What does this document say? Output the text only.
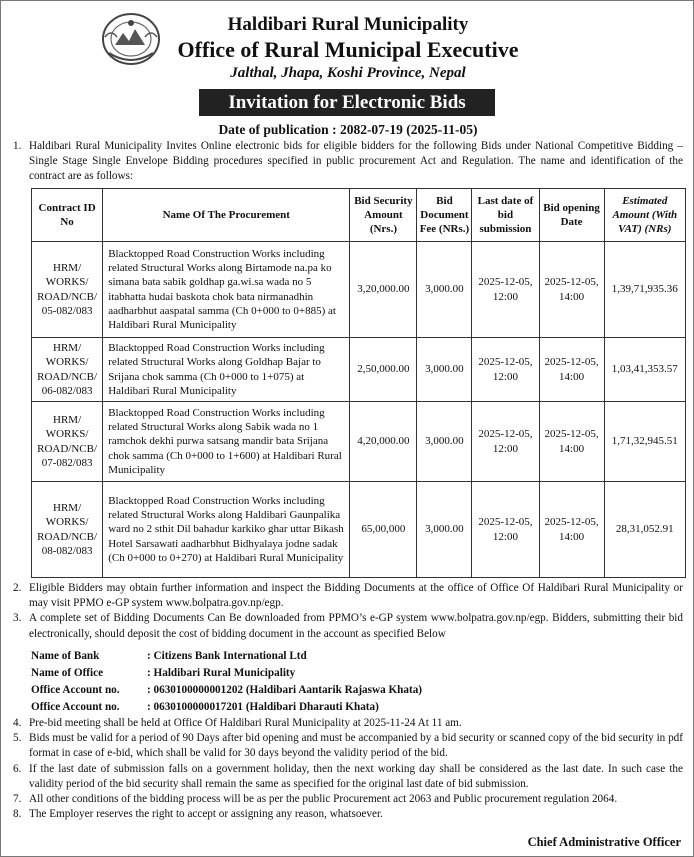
Haldibari Rural Municipality
Office of Rural Municipal Executive
Jalthal, Jhapa, Koshi Province, Nepal
Invitation for Electronic Bids
Date of publication : 2082-07-19 (2025-11-05)
1. Haldibari Rural Municipality Invites Online electronic bids for eligible bidders for the following Bids under National Competitive Bidding – Single Stage Single Envelope Bidding procedures specified in public procurement Act and Regulation. The name and identification of the contract are as follows:
Contract ID No	Name Of The Procurement	Bid Security Amount (Nrs.)	Bid Document Fee (NRs.)	Last date of bid submission	Bid opening Date	Estimated Amount (With VAT) (NRs)
HRM/ WORKS/ ROAD/NCB/ 05-082/083	Blacktopped Road Construction Works including related Structural Works along Birtamode na.pa ko simana bata sabik goldhap ga.wi.sa wada no 5 itabhatta hudai baskota chok bata nirmanadhin aadharbhut aaspatal samma (Ch 0+000 to 0+885) at Haldibari Rural Municipality	3,20,000.00	3,000.00	2025-12-05, 12:00	2025-12-05, 14:00	1,39,71,935.36
HRM/ WORKS/ ROAD/NCB/ 06-082/083	Blacktopped Road Construction Works including related Structural Works along Goldhap Bajar to Srijana chok samma (Ch 0+000 to 1+075) at Haldibari Rural Municipality	2,50,000.00	3,000.00	2025-12-05, 12:00	2025-12-05, 14:00	1,03,41,353.57
HRM/ WORKS/ ROAD/NCB/ 07-082/083	Blacktopped Road Construction Works including related Structural Works along Sabik wada no 1 ramchok dekhi purwa satsang mandir bata Srijana chok samma (Ch 0+000 to 1+600) at Haldibari Rural Municipality	4,20,000.00	3,000.00	2025-12-05, 12:00	2025-12-05, 14:00	1,71,32,945.51
HRM/ WORKS/ ROAD/NCB/ 08-082/083	Blacktopped Road Construction Works including related Structural Works along Haldibari Gaunpalika ward no 2 sthit Dil bahadur karkiko ghar uttar Bikash Hotel Sarsawati aadharbhut Bidhyalaya jodne sadak (Ch 0+000 to 0+270) at Haldibari Rural Municipality	65,00,000	3,000.00	2025-12-05, 12:00	2025-12-05, 14:00	28,31,052.91
2. Eligible Bidders may obtain further information and inspect the Bidding Documents at the office of Office Of Haldibari Rural Municipality or may visit PPMO e-GP system www.bolpatra.gov.np/egp.
3. A complete set of Bidding Documents Can Be downloaded from PPMO’s e-GP system www.bolpatra.gov.np/egp. Bidders, submitting their bid electronically, should deposit the cost of bidding document in the account as specified Below
Name of Bank	: Citizens Bank International Ltd
Name of Office	: Haldibari Rural Municipality
Office Account no. : 0630100000001202 (Haldibari Aantarik Rajaswa Khata)
Office Account no. : 0630100000017201 (Haldibari Dharauti Khata)
4. Pre-bid meeting shall be held at Office Of Haldibari Rural Municipality at 2025-11-24 At 11 am.
5. Bids must be valid for a period of 90 Days after bid opening and must be accompanied by a bid security or scanned copy of the bid security in pdf format in case of e-bid, which shall be valid for 30 days beyond the validity period of the bid.
6. If the last date of submission falls on a government holiday, then the next working day shall be considered as the last date. In such case the validity period of the bid security shall remain the same as specified for the original last date of bid submission.
7. All other conditions of the bidding process will be as per the public Procurement act 2063 and Public procurement regulation 2064.
8. The Employer reserves the right to accept or assigning any reason, whatsoever.
Chief Administrative Officer
